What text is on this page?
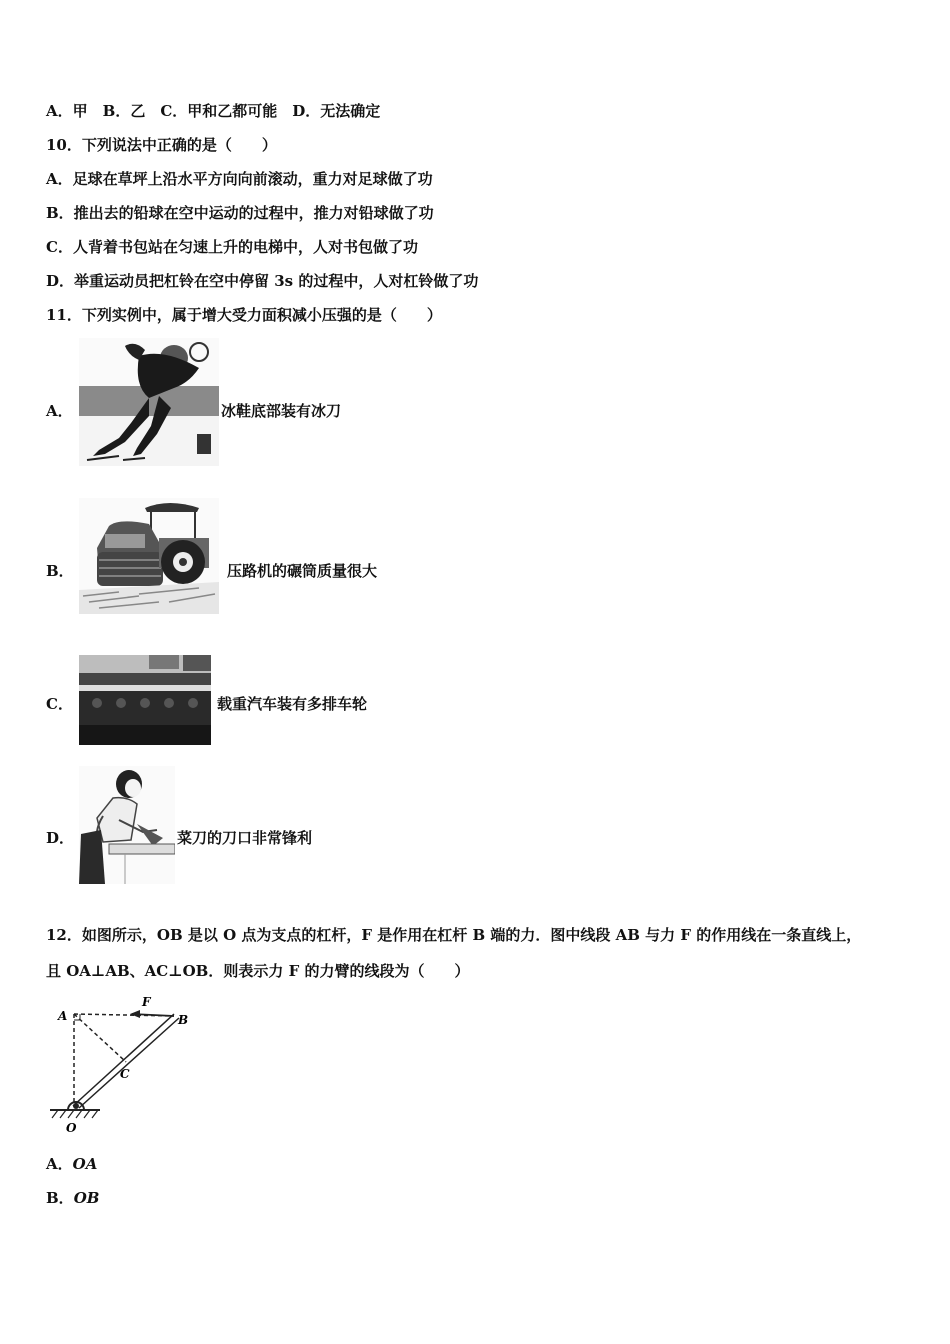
A．甲　B．乙　C．甲和乙都可能　D．无法确定
10．下列说法中正确的是（　　）
A．足球在草坪上沿水平方向向前滚动，重力对足球做了功
B．推出去的铅球在空中运动的过程中，推力对铅球做了功
C．人背着书包站在匀速上升的电梯中，人对书包做了功
D．举重运动员把杠铃在空中停留 3s 的过程中，人对杠铃做了功
11．下列实例中，属于增大受力面积减小压强的是（　　）
A．	冰鞋底部装有冰刀
B．	压路机的碾筒质量很大
C．	载重汽车装有多排车轮
D．	菜刀的刀口非常锋利
12．如图所示，OB 是以 O 点为支点的杠杆，F 是作用在杠杆 B 端的力．图中线段 AB 与力 F 的作用线在一条直线上，
且 OA⊥AB、AC⊥OB．则表示力 F 的力臂的线段为（　　）
A	B
F
C
O
A．OA
B．OB
